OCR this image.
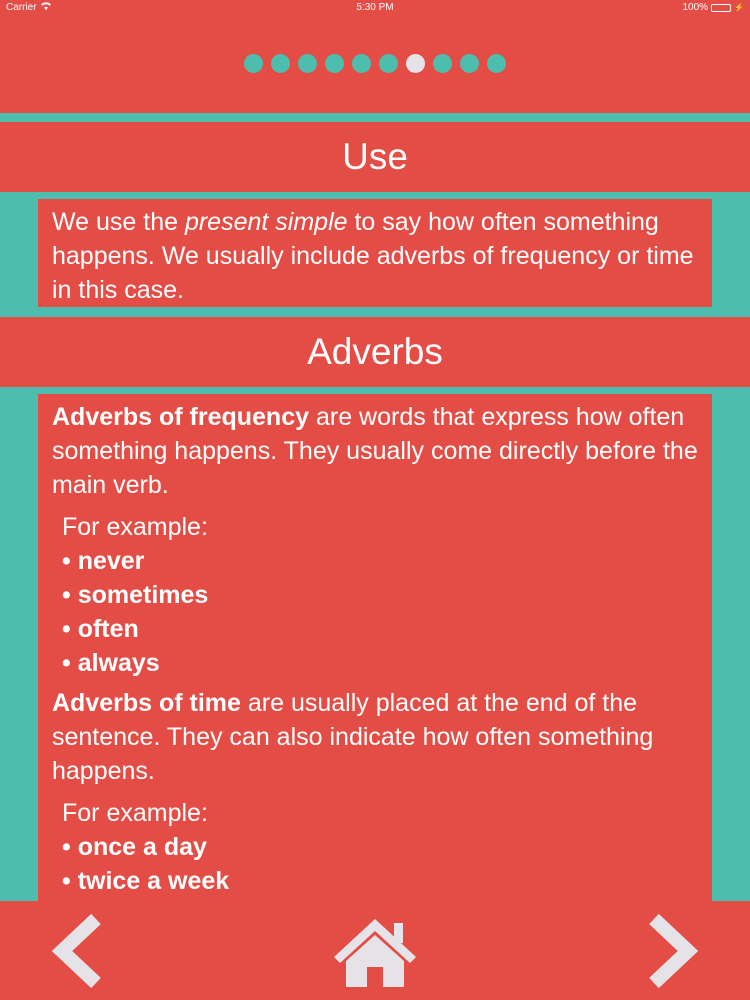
Carrier	5:30 PM	100%	⚡
Use

We use the present simple to say how often something happens. We usually include adverbs of frequency or time in this case.

Adverbs

Adverbs of frequency are words that express how often something happens. They usually come directly before the main verb.

For example:

• never
• sometimes
• often
• always

Adverbs of time are usually placed at the end of the sentence. They can also indicate how often something happens.

For example:

• once a day
• twice a week
